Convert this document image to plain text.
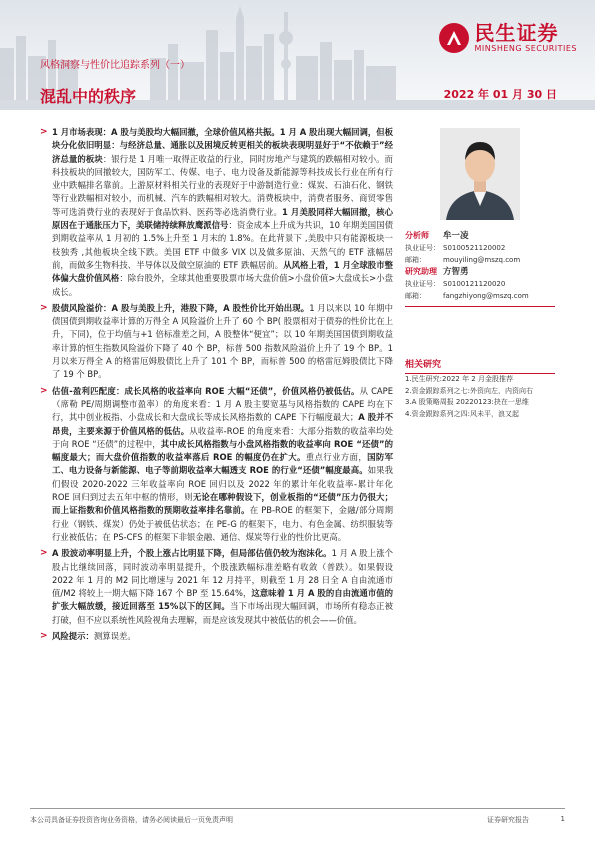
民生证券
MINSHENG SECURITIES
风格洞察与性价比追踪系列（一）
混乱中的秩序	2022 年 01 月 30 日
> 1 月市场表现：A 股与美股均大幅回撤，全球价值风格共振。1 月 A 股出现大幅回调，但板块分化依旧明显：与经济总量、通胀以及困境反转更相关的板块表现明显好于“不依赖于”经济总量的板块：银行是 1 月唯一取得正收益的行业，同时房地产与建筑的跌幅相对较小。而科技板块的回撤较大，国防军工、传媒、电子、电力设备及新能源等科技成长行业在所有行业中跌幅排名靠前。上游原材料相关行业的表现好于中游制造行业：煤炭、石油石化、钢铁等行业跌幅相对较小，而机械、汽车的跌幅相对较大。消费板块中，消费者服务、商贸零售等可选消费行业的表现好于食品饮料、医药等必选消费行业。1 月美股同样大幅回撤，核心原因在于通胀压力下，美联储持续释放鹰派信号：资金成本上升成为共识，10 年期美国国债到期收益率从 1 月初的 1.5%上升至 1 月末的 1.8%。在此背景下 ,美股中只有能源板块一枝独秀 ,其他板块全线下跌。美国 ETF 中做多 VIX 以及做多原油、天然气的 ETF 涨幅居前，而做多生物科技、半导体以及做空原油的 ETF 跌幅居前。从风格上看，1 月全球股市整体偏大盘价值风格：除台股外，全球其他重要股票市场大盘价值>小盘价值>大盘成长>小盘成长。
> 股债风险溢价：A 股与美股上升，港股下降，A 股性价比开始出现。1 月以来以 10 年期中债国债到期收益率计算的万得全 A 风险溢价上升了 60 个 BP( 股票相对于债券的性价比在上升，下同)，位于均值与+1 倍标准差之间，A 股整体“便宜”；以 10 年期美国国债到期收益率计算的恒生指数风险溢价下降了 40 个 BP，标普 500 指数风险溢价上升了 19 个 BP。1 月以来万得全 A 的格雷厄姆股债比上升了 101 个 BP，而标普 500 的格雷厄姆股债比下降了 19 个 BP。
> 估值-盈利匹配度：成长风格的收益率向 ROE 大幅“还债”，价值风格仍被低估。从 CAPE（席勒 PE/周期调整市盈率）的角度来看：1 月 A 股主要宽基与风格指数的 CAPE 均在下行，其中创业板指、小盘成长和大盘成长等成长风格指数的 CAPE 下行幅度最大；A 股并不昂贵，主要来源于价值风格的低估。从收益率-ROE 的角度来看：大部分指数的收益率均处于向 ROE “还债”的过程中，其中成长风格指数与小盘风格指数的收益率向 ROE “还债”的幅度最大；而大盘价值指数的收益率落后 ROE 的幅度仍在扩大。重点行业方面，国防军工、电力设备与新能源、电子等前期收益率大幅透支 ROE 的行业“还债”幅度最高。如果我们假设 2020-2022 三年收益率向 ROE 回归以及 2022 年的累计年化收益率-累计年化 ROE 回归到过去五年中枢的情形，则无论在哪种假设下，创业板指的“还债”压力仍很大；而上证指数和价值风格指数的预期收益率排名靠前。在 PB-ROE 的框架下，金融/部分周期行业（钢铁、煤炭）仍处于被低估状态；在 PE-G 的框架下，电力、有色金属、纺织服装等行业被低估；在 PS-CFS 的框架下非银金融、通信、煤炭等行业的性价比更高。
> A 股波动率明显上升，个股上涨占比明显下降，但局部估值仍较为泡沫化。1 月 A 股上涨个股占比继续回落，同时波动率明显提升，个股涨跌幅标准差略有收敛（普跌）。如果假设 2022 年 1 月的 M2 同比增速与 2021 年 12 月持平，则截至 1 月 28 日全 A 自由流通市值/M2 将较上一期大幅下降 167 个 BP 至 15.64%，这意味着 1 月 A 股的自由流通市值的扩张大幅放缓，接近回落至 15%以下的区间。当下市场出现大幅回调，市场所有稳态正被打破，但不应以系统性风险视角去理解，而是应该发现其中被低估的机会——价值。
> 风险提示：测算误差。
分析师	牟一凌
执业证号： S0100521120002
邮箱：	mouyiling@mszq.com
研究助理 方智勇
执业证号： S0100121120020
邮箱：	fangzhiyong@mszq.com
相关研究
1.民生研究:2022 年 2 月金股推荐
2.资金跟踪系列之七:外资向左，内资向右
3.A 股策略周报 20220123:抉在一思维
4.资金跟踪系列之四:风未平，浪又起
本公司具备证券投资咨询业务资格，请务必阅读最后一页免责声明	证券研究报告	1
